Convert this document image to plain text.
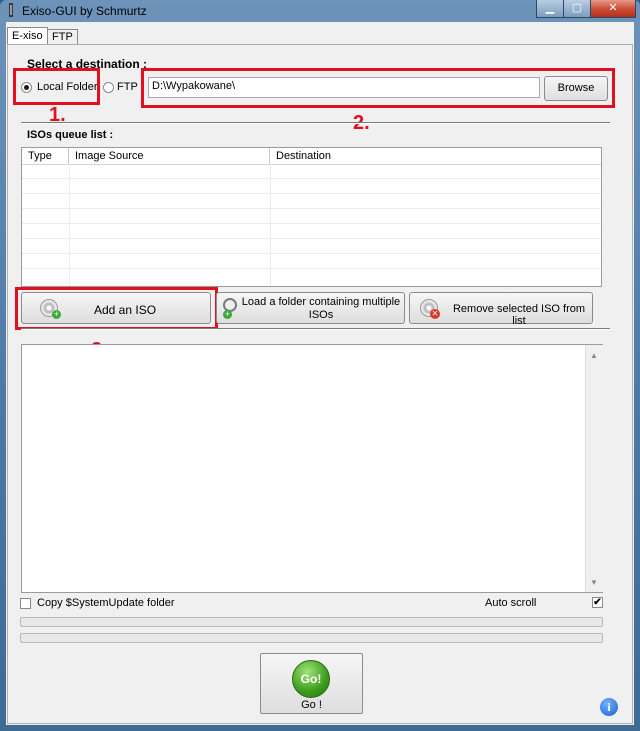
Exiso-GUI by Schmurtz	▁	▢	✕
E-xiso FTP
Select a destination :
Local Folder FTP	D:\Wypakowane\	Browse
1.	2.
ISOs queue list :
Type	Image Source	Destination
+	Add an ISO	+
Load a folder containing multiple
ISOs	✕	Remove selected ISO from list
▲
▼
Copy $SystemUpdate folder	Auto scroll	✔
Go!
Go !	i
